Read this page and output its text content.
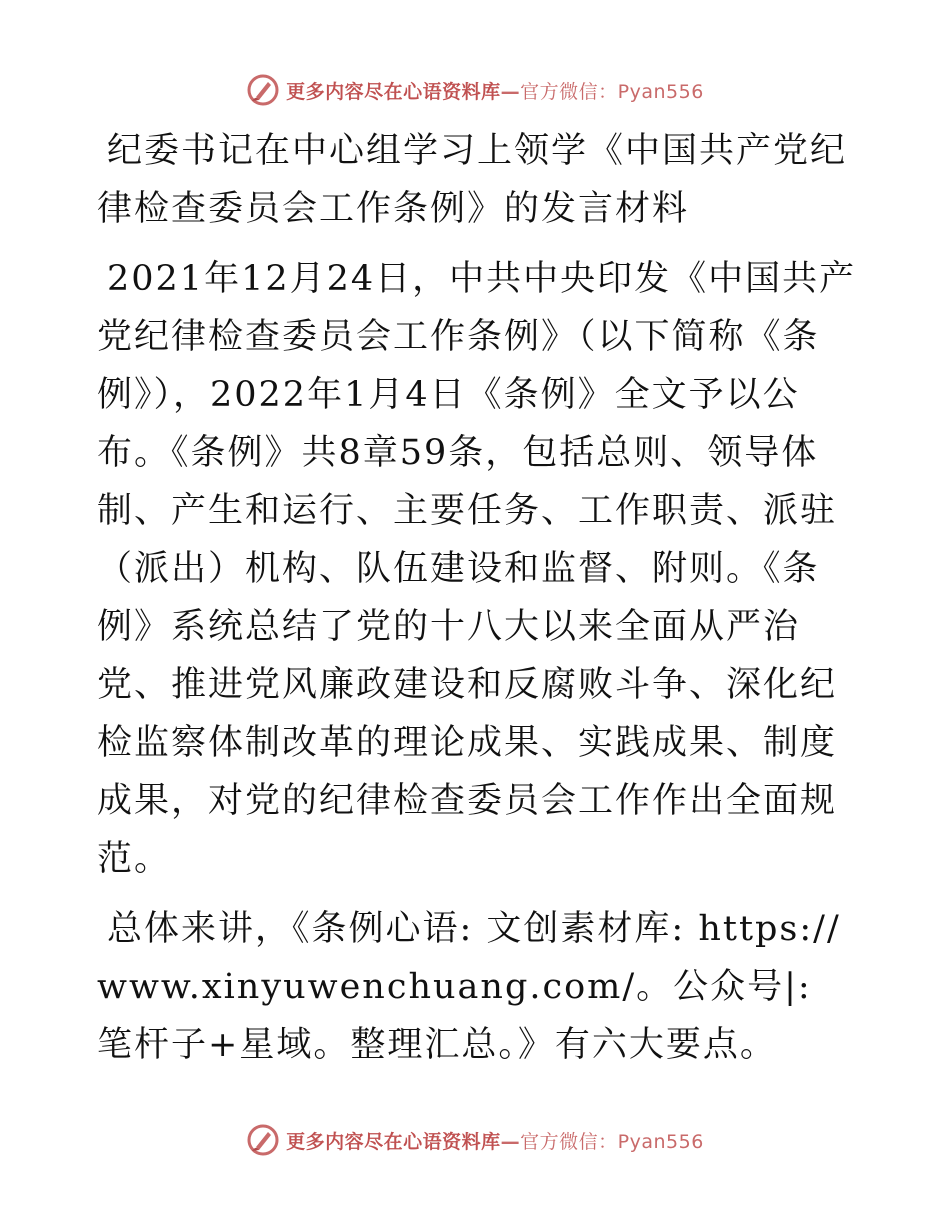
更多内容尽在心语资料库—官方微信：Pyan556

纪委书记在中心组学习上领学《中国共产党纪律检查委员会工作条例》的发言材料

2021年12月24日，中共中央印发《中国共产党纪律检查委员会工作条例》（以下简称《条例》），2022年1月4日《条例》全文予以公布。《条例》共8章59条，包括总则、领导体制、产生和运行、主要任务、工作职责、派驻（派出）机构、队伍建设和监督、附则。《条例》系统总结了党的十八大以来全面从严治党、推进党风廉政建设和反腐败斗争、深化纪检监察体制改革的理论成果、实践成果、制度成果，对党的纪律检查委员会工作作出全面规范。

总体来讲，《条例心语: 文创素材库: https://www.xinyuwenchuang.com/。公众号|: 笔杆子+星域。整理汇总。》有六大要点。

更多内容尽在心语资料库—官方微信：Pyan556
